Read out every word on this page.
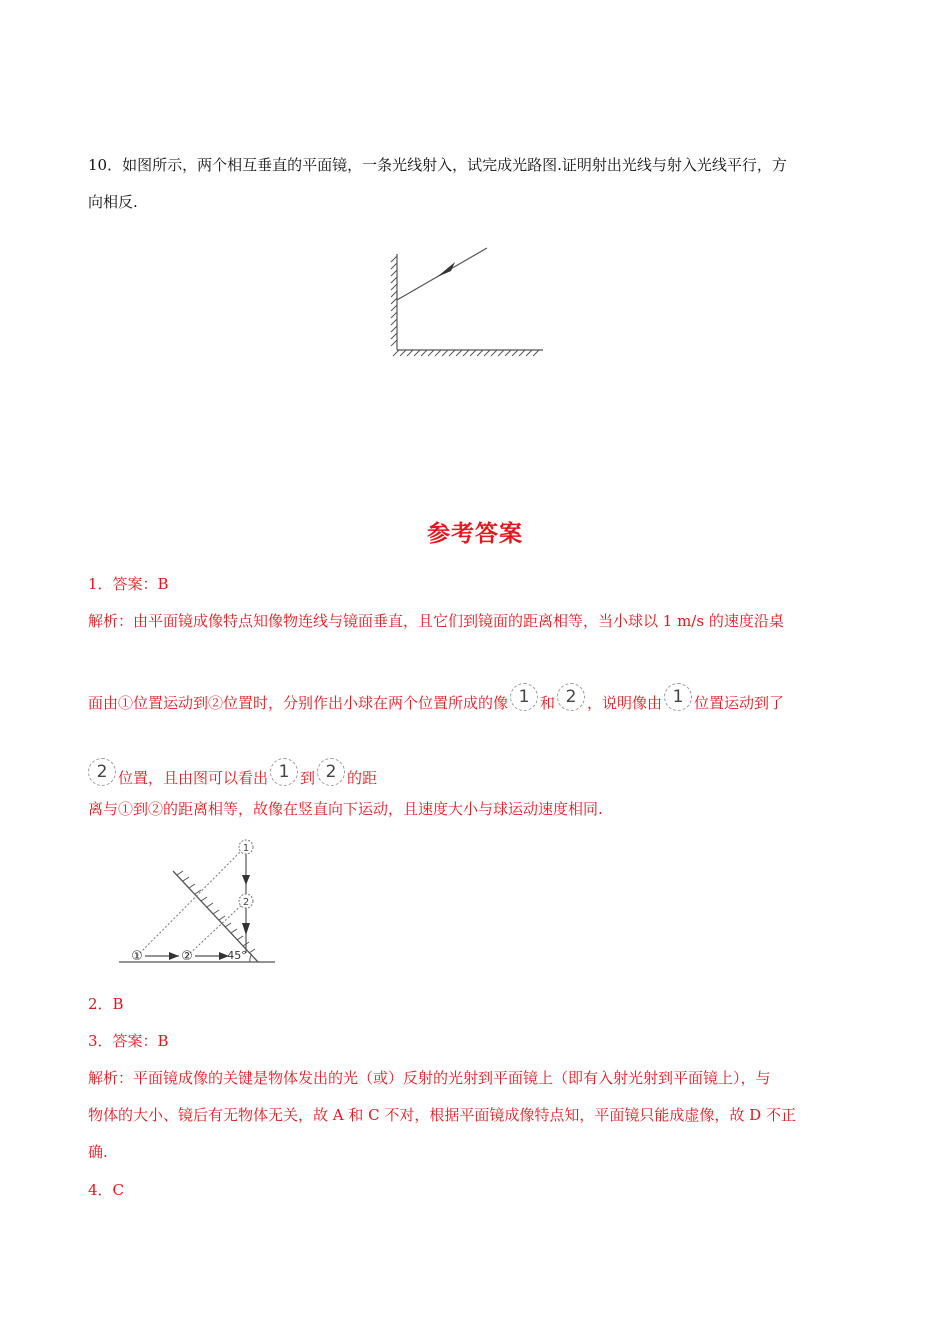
10．如图所示，两个相互垂直的平面镜，一条光线射入，试完成光路图.证明射出光线与射入光线平行，方
向相反.
参考答案
1．答案：B
解析：由平面镜成像特点知像物连线与镜面垂直，且它们到镜面的距离相等，当小球以 1 m/s 的速度沿桌
面由①位置运动到②位置时，分别作出小球在两个位置所成的像 1 和 2 ，说明像由 1 位置运动到了
2 位置，且由图可以看出 1 到 2 的距
离与①到②的距离相等，故像在竖直向下运动，且速度大小与球运动速度相同.
1
2
①	②	45°
2．B
3．答案：B
解析：平面镜成像的关键是物体发出的光（或）反射的光射到平面镜上（即有入射光射到平面镜上），与
物体的大小、镜后有无物体无关，故 A 和 C 不对，根据平面镜成像特点知，平面镜只能成虚像，故 D 不正
确.
4．C
